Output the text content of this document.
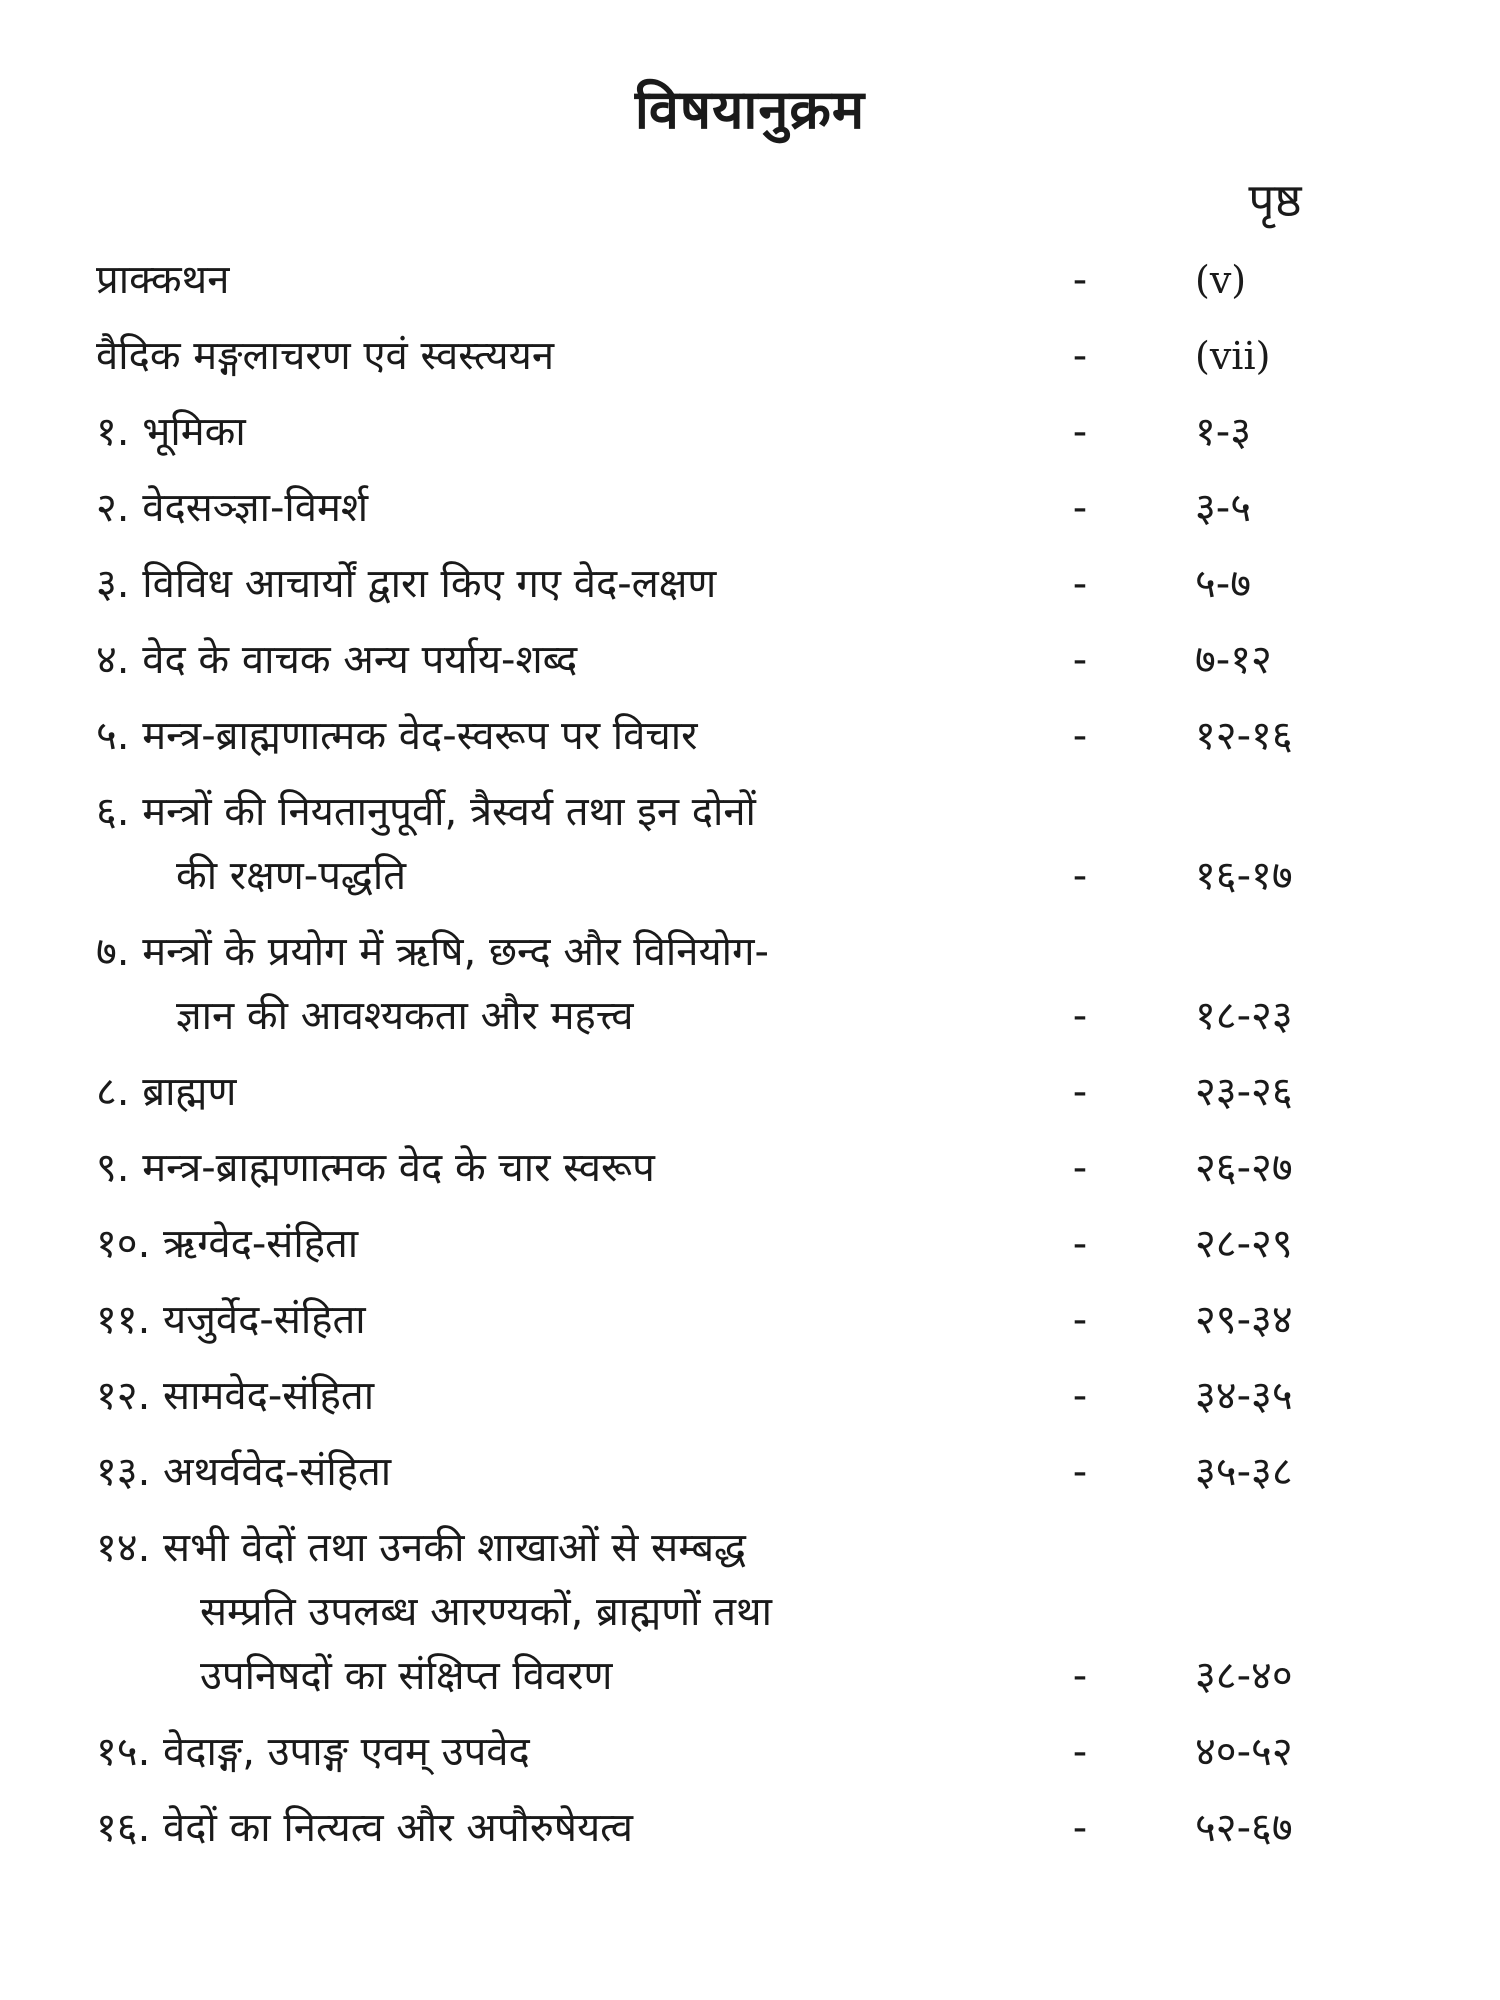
विषयानुक्रम
पृष्ठ
प्राक्कथन	-	(v)
वैदिक मङ्गलाचरण एवं स्वस्त्ययन	-	(vii)
१. भूमिका	-	१-३
२. वेदसञ्ज्ञा-विमर्श	-	३-५
३. विविध आचार्यों द्वारा किए गए वेद-लक्षण	-	५-७
४. वेद के वाचक अन्य पर्याय-शब्द	-	७-१२
५. मन्त्र-ब्राह्मणात्मक वेद-स्वरूप पर विचार	-	१२-१६
६. मन्त्रों की नियतानुपूर्वी, त्रैस्वर्य तथा इन दोनों
की रक्षण-पद्धति	-	१६-१७
७. मन्त्रों के प्रयोग में ऋषि, छन्द और विनियोग-
ज्ञान की आवश्यकता और महत्त्व	-	१८-२३
८. ब्राह्मण	-	२३-२६
९. मन्त्र-ब्राह्मणात्मक वेद के चार स्वरूप	-	२६-२७
१०. ऋग्वेद-संहिता	-	२८-२९
११. यजुर्वेद-संहिता	-	२९-३४
१२. सामवेद-संहिता	-	३४-३५
१३. अथर्ववेद-संहिता	-	३५-३८
१४. सभी वेदों तथा उनकी शाखाओं से सम्बद्ध
सम्प्रति उपलब्ध आरण्यकों, ब्राह्मणों तथा
उपनिषदों का संक्षिप्त विवरण	-	३८-४०
१५. वेदाङ्ग, उपाङ्ग एवम् उपवेद	-	४०-५२
१६. वेदों का नित्यत्व और अपौरुषेयत्व	-	५२-६७
